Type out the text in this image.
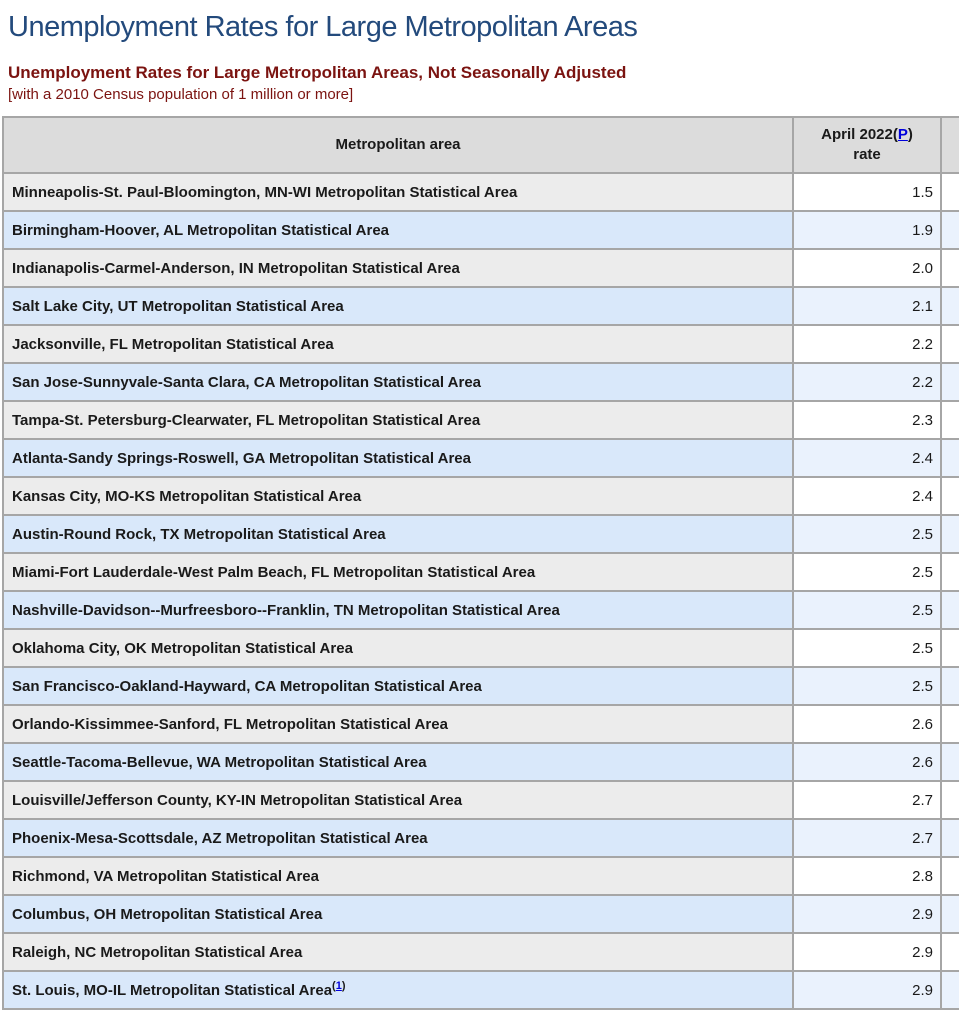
Unemployment Rates for Large Metropolitan Areas
Unemployment Rates for Large Metropolitan Areas, Not Seasonally Adjusted
[with a 2010 Census population of 1 million or more]
Metropolitan area	April 2022(P)
rate	
Minneapolis-St. Paul-Bloomington, MN-WI Metropolitan Statistical Area	1.5	
Birmingham-Hoover, AL Metropolitan Statistical Area	1.9	
Indianapolis-Carmel-Anderson, IN Metropolitan Statistical Area	2.0	
Salt Lake City, UT Metropolitan Statistical Area	2.1	
Jacksonville, FL Metropolitan Statistical Area	2.2	
San Jose-Sunnyvale-Santa Clara, CA Metropolitan Statistical Area	2.2	
Tampa-St. Petersburg-Clearwater, FL Metropolitan Statistical Area	2.3	
Atlanta-Sandy Springs-Roswell, GA Metropolitan Statistical Area	2.4	
Kansas City, MO-KS Metropolitan Statistical Area	2.4	
Austin-Round Rock, TX Metropolitan Statistical Area	2.5	
Miami-Fort Lauderdale-West Palm Beach, FL Metropolitan Statistical Area	2.5	
Nashville-Davidson--Murfreesboro--Franklin, TN Metropolitan Statistical Area	2.5	
Oklahoma City, OK Metropolitan Statistical Area	2.5	
San Francisco-Oakland-Hayward, CA Metropolitan Statistical Area	2.5	
Orlando-Kissimmee-Sanford, FL Metropolitan Statistical Area	2.6	
Seattle-Tacoma-Bellevue, WA Metropolitan Statistical Area	2.6	
Louisville/Jefferson County, KY-IN Metropolitan Statistical Area	2.7	
Phoenix-Mesa-Scottsdale, AZ Metropolitan Statistical Area	2.7	
Richmond, VA Metropolitan Statistical Area	2.8	
Columbus, OH Metropolitan Statistical Area	2.9	
Raleigh, NC Metropolitan Statistical Area	2.9	
St. Louis, MO-IL Metropolitan Statistical Area$^{(1)}$	2.9	
